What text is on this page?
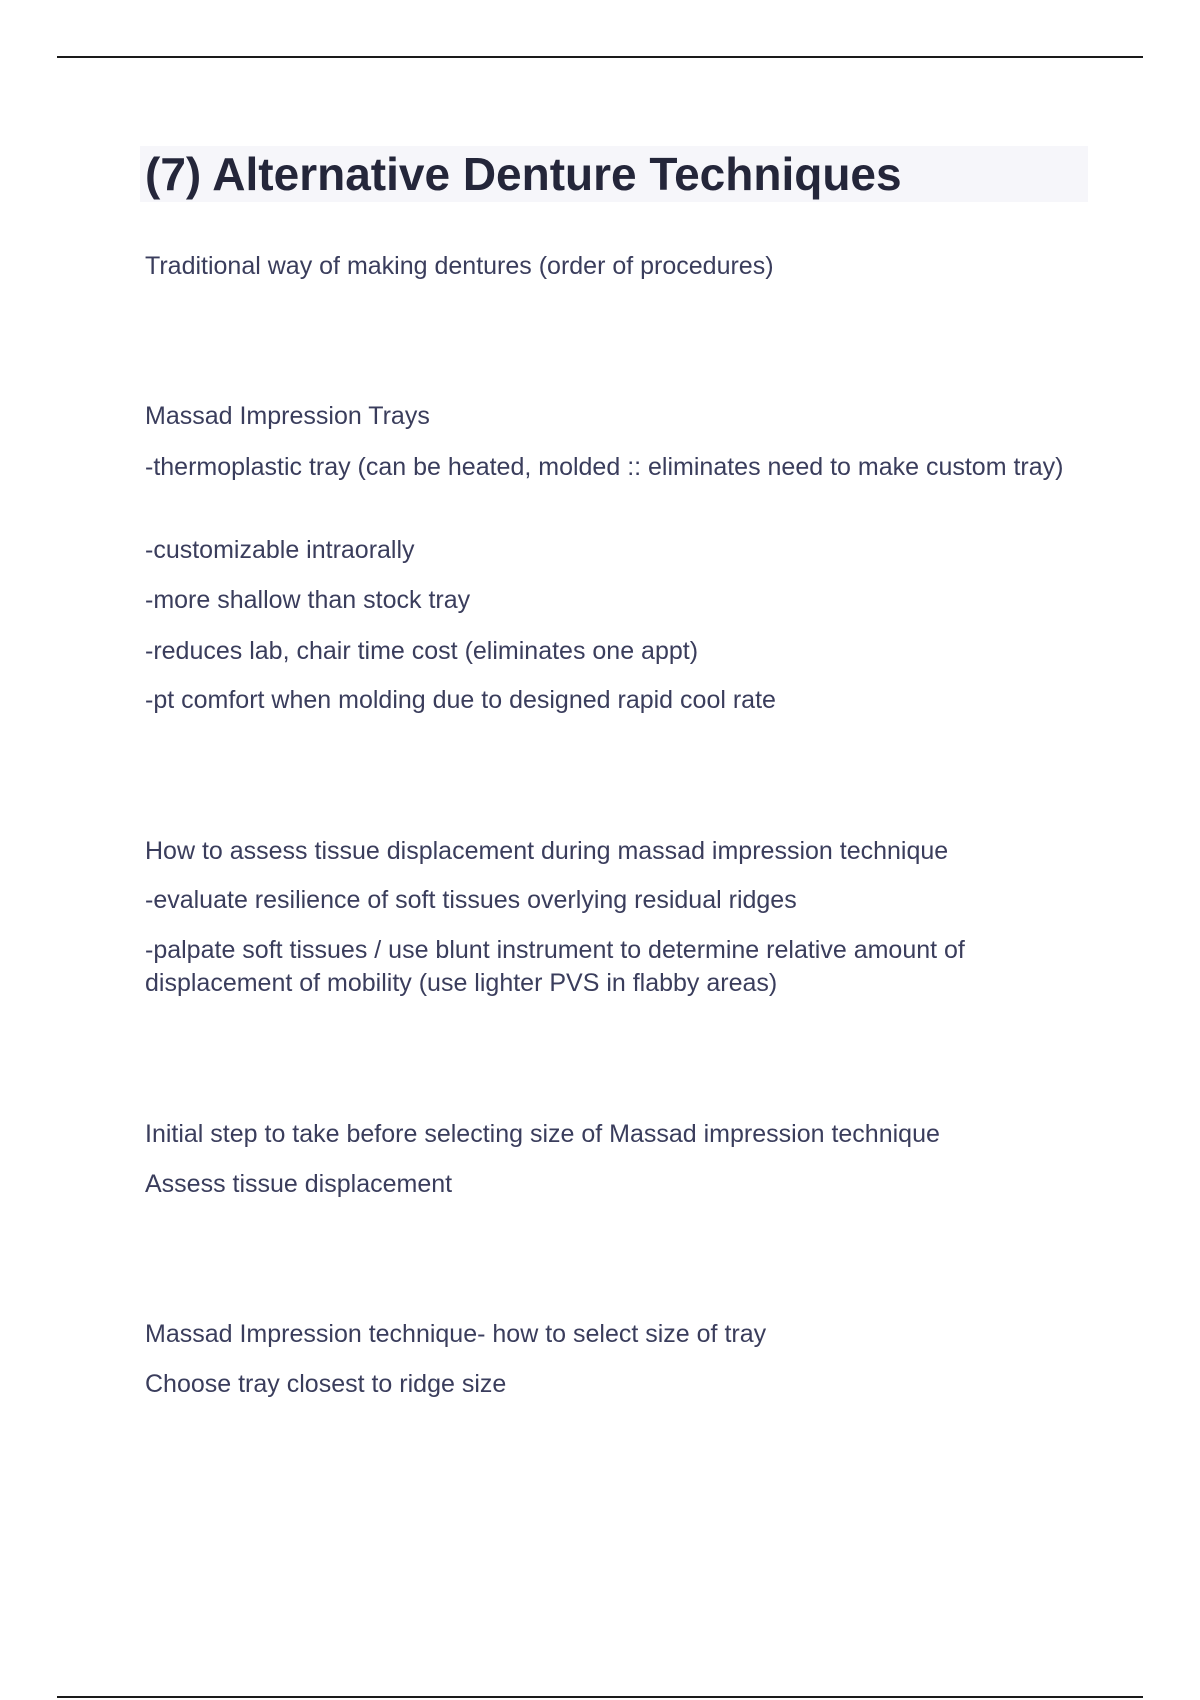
(7) Alternative Denture Techniques

Traditional way of making dentures (order of procedures)

Massad Impression Trays

-thermoplastic tray (can be heated, molded :: eliminates need to make custom tray)

-customizable intraorally

-more shallow than stock tray

-reduces lab, chair time cost (eliminates one appt)

-pt comfort when molding due to designed rapid cool rate

How to assess tissue displacement during massad impression technique

-evaluate resilience of soft tissues overlying residual ridges

-palpate soft tissues / use blunt instrument to determine relative amount of displacement of mobility (use lighter PVS in flabby areas)

Initial step to take before selecting size of Massad impression technique

Assess tissue displacement

Massad Impression technique- how to select size of tray

Choose tray closest to ridge size
